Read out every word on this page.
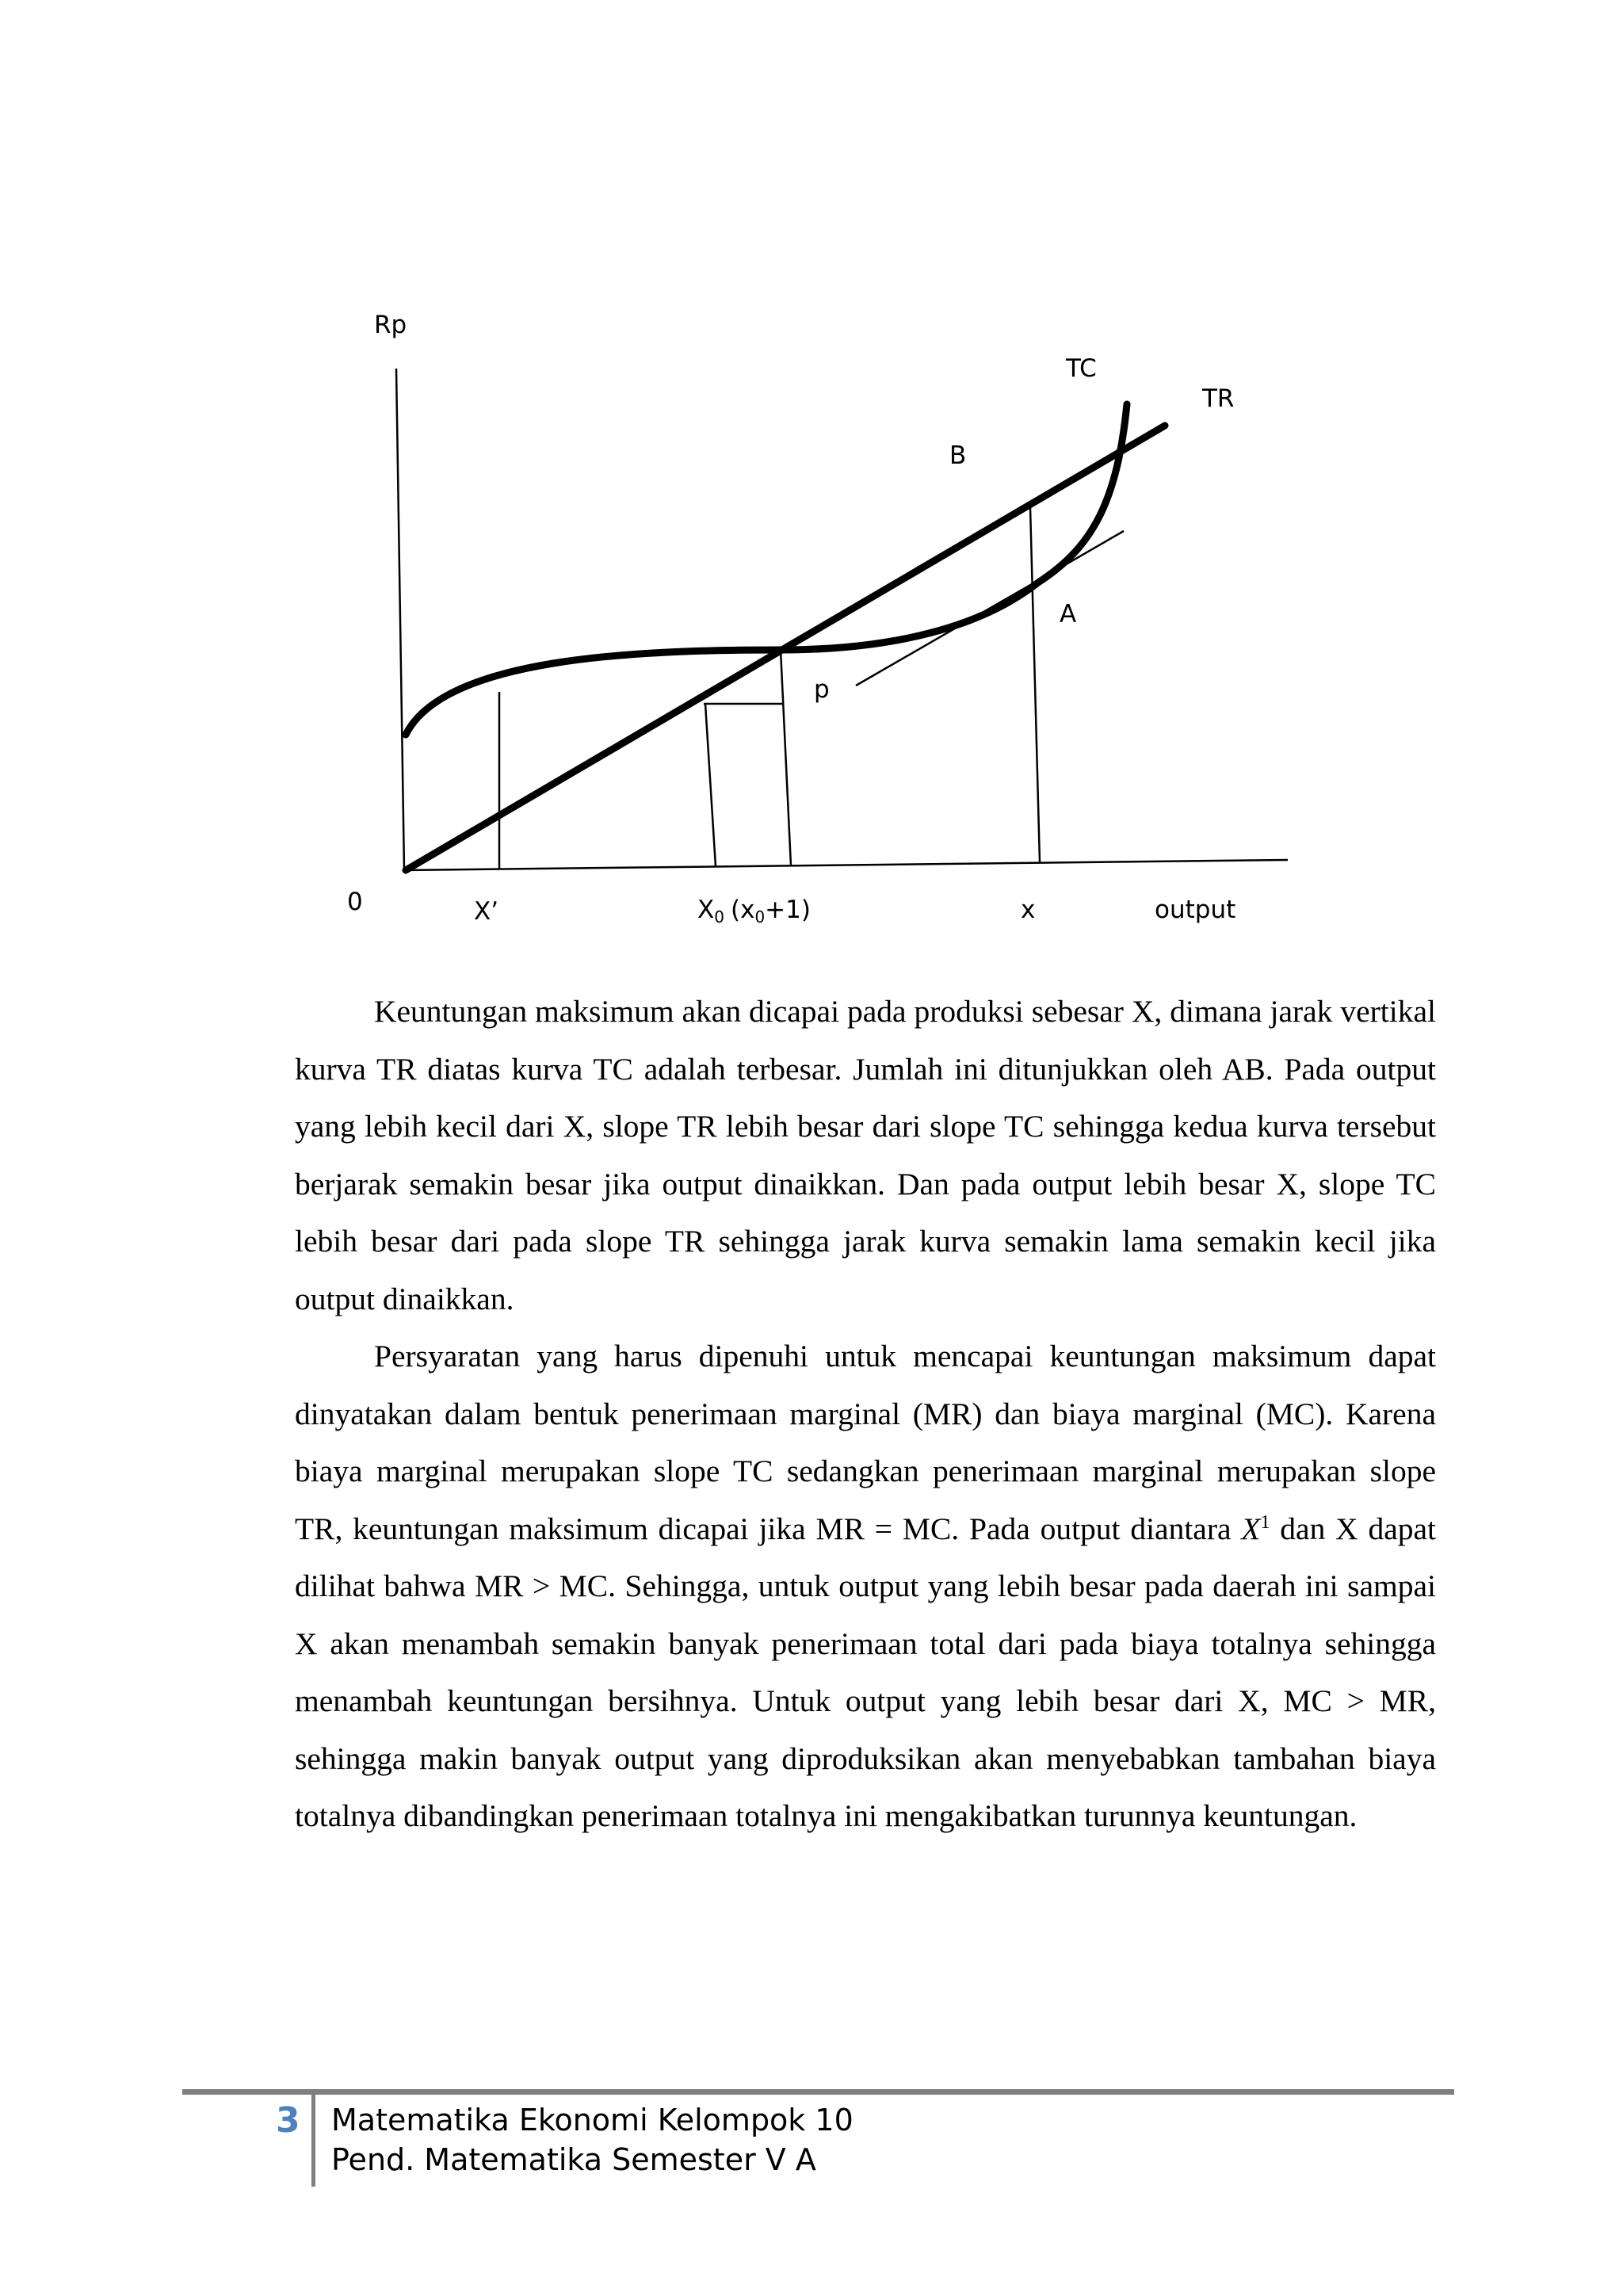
Rp
TC
TR
B
A
p
0	X’	X0 (x0+1)	x	output

Keuntungan maksimum akan dicapai pada produksi sebesar X, dimana jarak vertikal kurva TR diatas kurva TC adalah terbesar. Jumlah ini ditunjukkan oleh AB. Pada output yang lebih kecil dari X, slope TR lebih besar dari slope TC sehingga kedua kurva tersebut berjarak semakin besar jika output dinaikkan. Dan pada output lebih besar X, slope TC lebih besar dari pada slope TR sehingga jarak kurva semakin lama semakin kecil jika output dinaikkan.

Persyaratan yang harus dipenuhi untuk mencapai keuntungan maksimum dapat dinyatakan dalam bentuk penerimaan marginal (MR) dan biaya marginal (MC). Karena biaya marginal merupakan slope TC sedangkan penerimaan marginal merupakan slope TR, keuntungan maksimum dicapai jika MR = MC. Pada output diantara $X^1$ dan X dapat dilihat bahwa MR > MC. Sehingga, untuk output yang lebih besar pada daerah ini sampai X akan menambah semakin banyak penerimaan total dari pada biaya totalnya sehingga menambah keuntungan bersihnya. Untuk output yang lebih besar dari X, MC > MR, sehingga makin banyak output yang diproduksikan akan menyebabkan tambahan biaya totalnya dibandingkan penerimaan totalnya ini mengakibatkan turunnya keuntungan.

3 Matematika Ekonomi Kelompok 10
Pend. Matematika Semester V A
